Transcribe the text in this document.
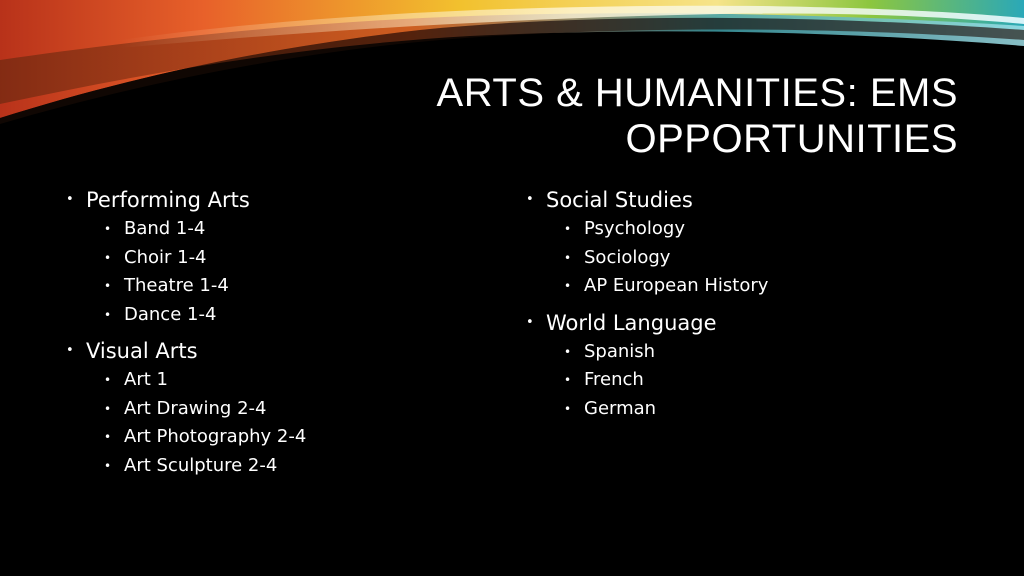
ARTS & HUMANITIES: EMS
OPPORTUNITIES
• Performing Arts
• Band 1-4
• Choir 1-4
• Theatre 1-4
• Dance 1-4
• Visual Arts
• Art 1
• Art Drawing 2-4
• Art Photography 2-4
• Art Sculpture 2-4
• Social Studies
• Psychology
• Sociology
• AP European History
• World Language
• Spanish
• French
• German
